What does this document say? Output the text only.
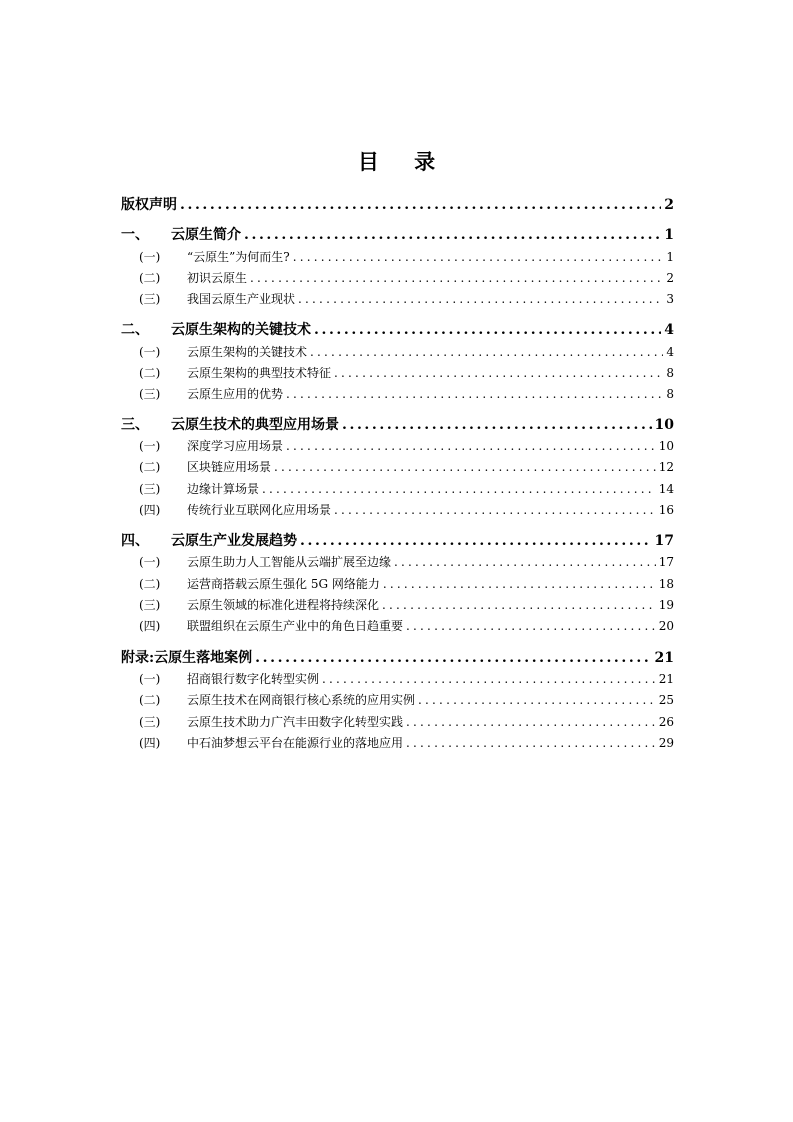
目 录
版权声明 .....	2
一、	云原生简介 .....	1
(一)	“云原生”为何而生? .....	1
(二)	初识云原生 .....	2
(三)	我国云原生产业现状 .....	3
二、	云原生架构的关键技术 .....	4
(一)	云原生架构的关键技术 .....	4
(二)	云原生架构的典型技术特征 .....	8
(三)	云原生应用的优势 .....	8
三、	云原生技术的典型应用场景 .....	10
(一)	深度学习应用场景 .....	10
(二)	区块链应用场景 .....	12
(三)	边缘计算场景 .....	14
(四)	传统行业互联网化应用场景 .....	16
四、	云原生产业发展趋势 .....	17
(一)	云原生助力人工智能从云端扩展至边缘 .....	17
(二)	运营商搭载云原生强化 5G 网络能力 .....	18
(三)	云原生领域的标准化进程将持续深化 .....	19
(四)	联盟组织在云原生产业中的角色日趋重要 .....	20
附录:云原生落地案例 .....	21
(一)	招商银行数字化转型实例 .....	21
(二)	云原生技术在网商银行核心系统的应用实例 .....	25
(三)	云原生技术助力广汽丰田数字化转型实践 .....	26
(四)	中石油梦想云平台在能源行业的落地应用 .....	29
